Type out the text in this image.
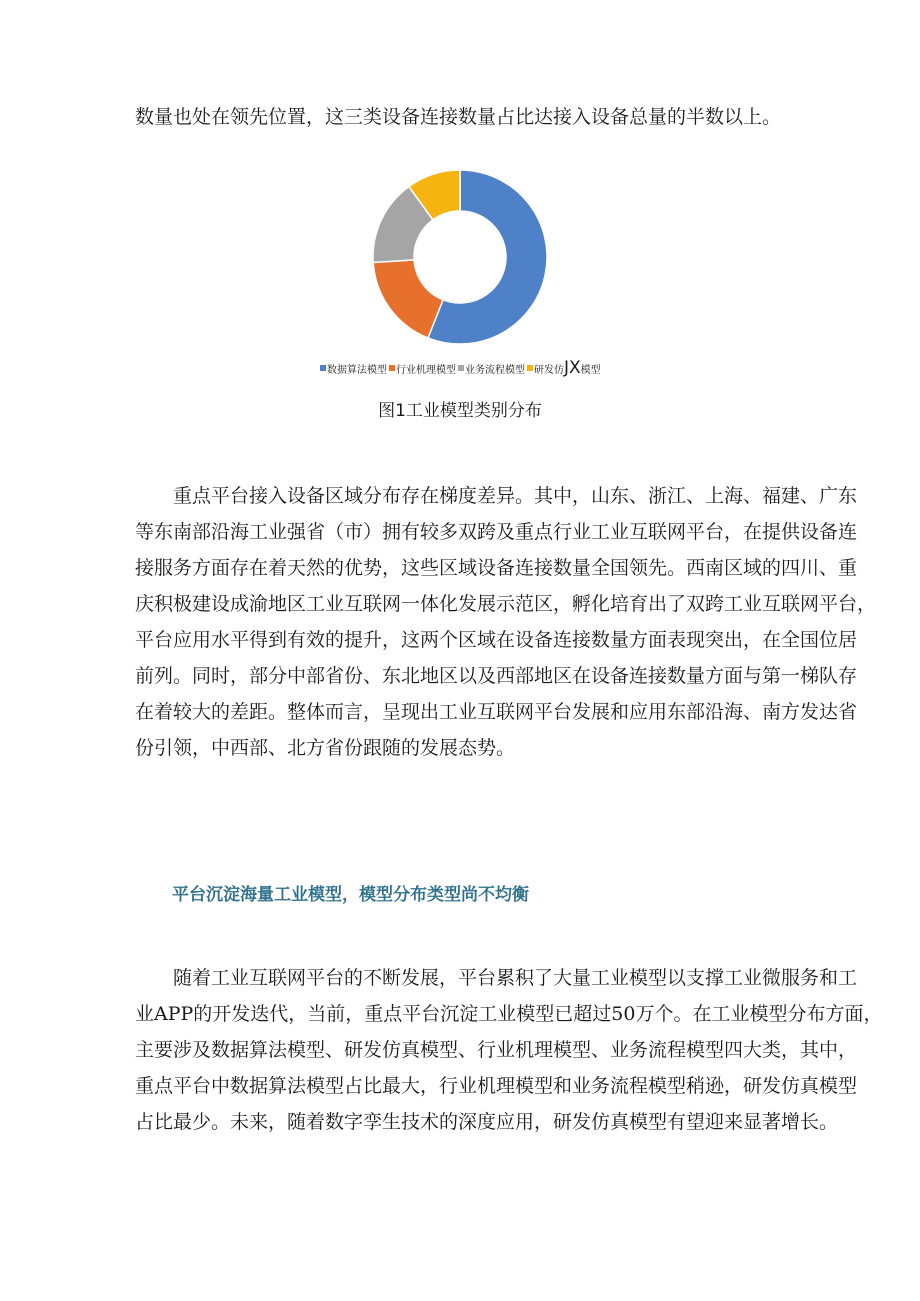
数量也处在领先位置，这三类设备连接数量占比达接入设备总量的半数以上。
数据算法模型 行业机理模型 业务流程模型 研发仿 JX 模型
图1工业模型类别分布
重点平台接入设备区域分布存在梯度差异。其中，山东、浙江、上海、福建、广东
等东南部沿海工业强省（市）拥有较多双跨及重点行业工业互联网平台，在提供设备连
接服务方面存在着天然的优势，这些区域设备连接数量全国领先。西南区域的四川、重
庆积极建设成渝地区工业互联网一体化发展示范区，孵化培育出了双跨工业互联网平台，
平台应用水平得到有效的提升，这两个区域在设备连接数量方面表现突出，在全国位居
前列。同时，部分中部省份、东北地区以及西部地区在设备连接数量方面与第一梯队存
在着较大的差距。整体而言，呈现出工业互联网平台发展和应用东部沿海、南方发达省
份引领，中西部、北方省份跟随的发展态势。
平台沉淀海量工业模型，模型分布类型尚不均衡
随着工业互联网平台的不断发展，平台累积了大量工业模型以支撑工业微服务和工
业APP的开发迭代，当前，重点平台沉淀工业模型已超过50万个。在工业模型分布方面，
主要涉及数据算法模型、研发仿真模型、行业机理模型、业务流程模型四大类，其中，
重点平台中数据算法模型占比最大，行业机理模型和业务流程模型稍逊，研发仿真模型
占比最少。未来，随着数字孪生技术的深度应用，研发仿真模型有望迎来显著增长。
